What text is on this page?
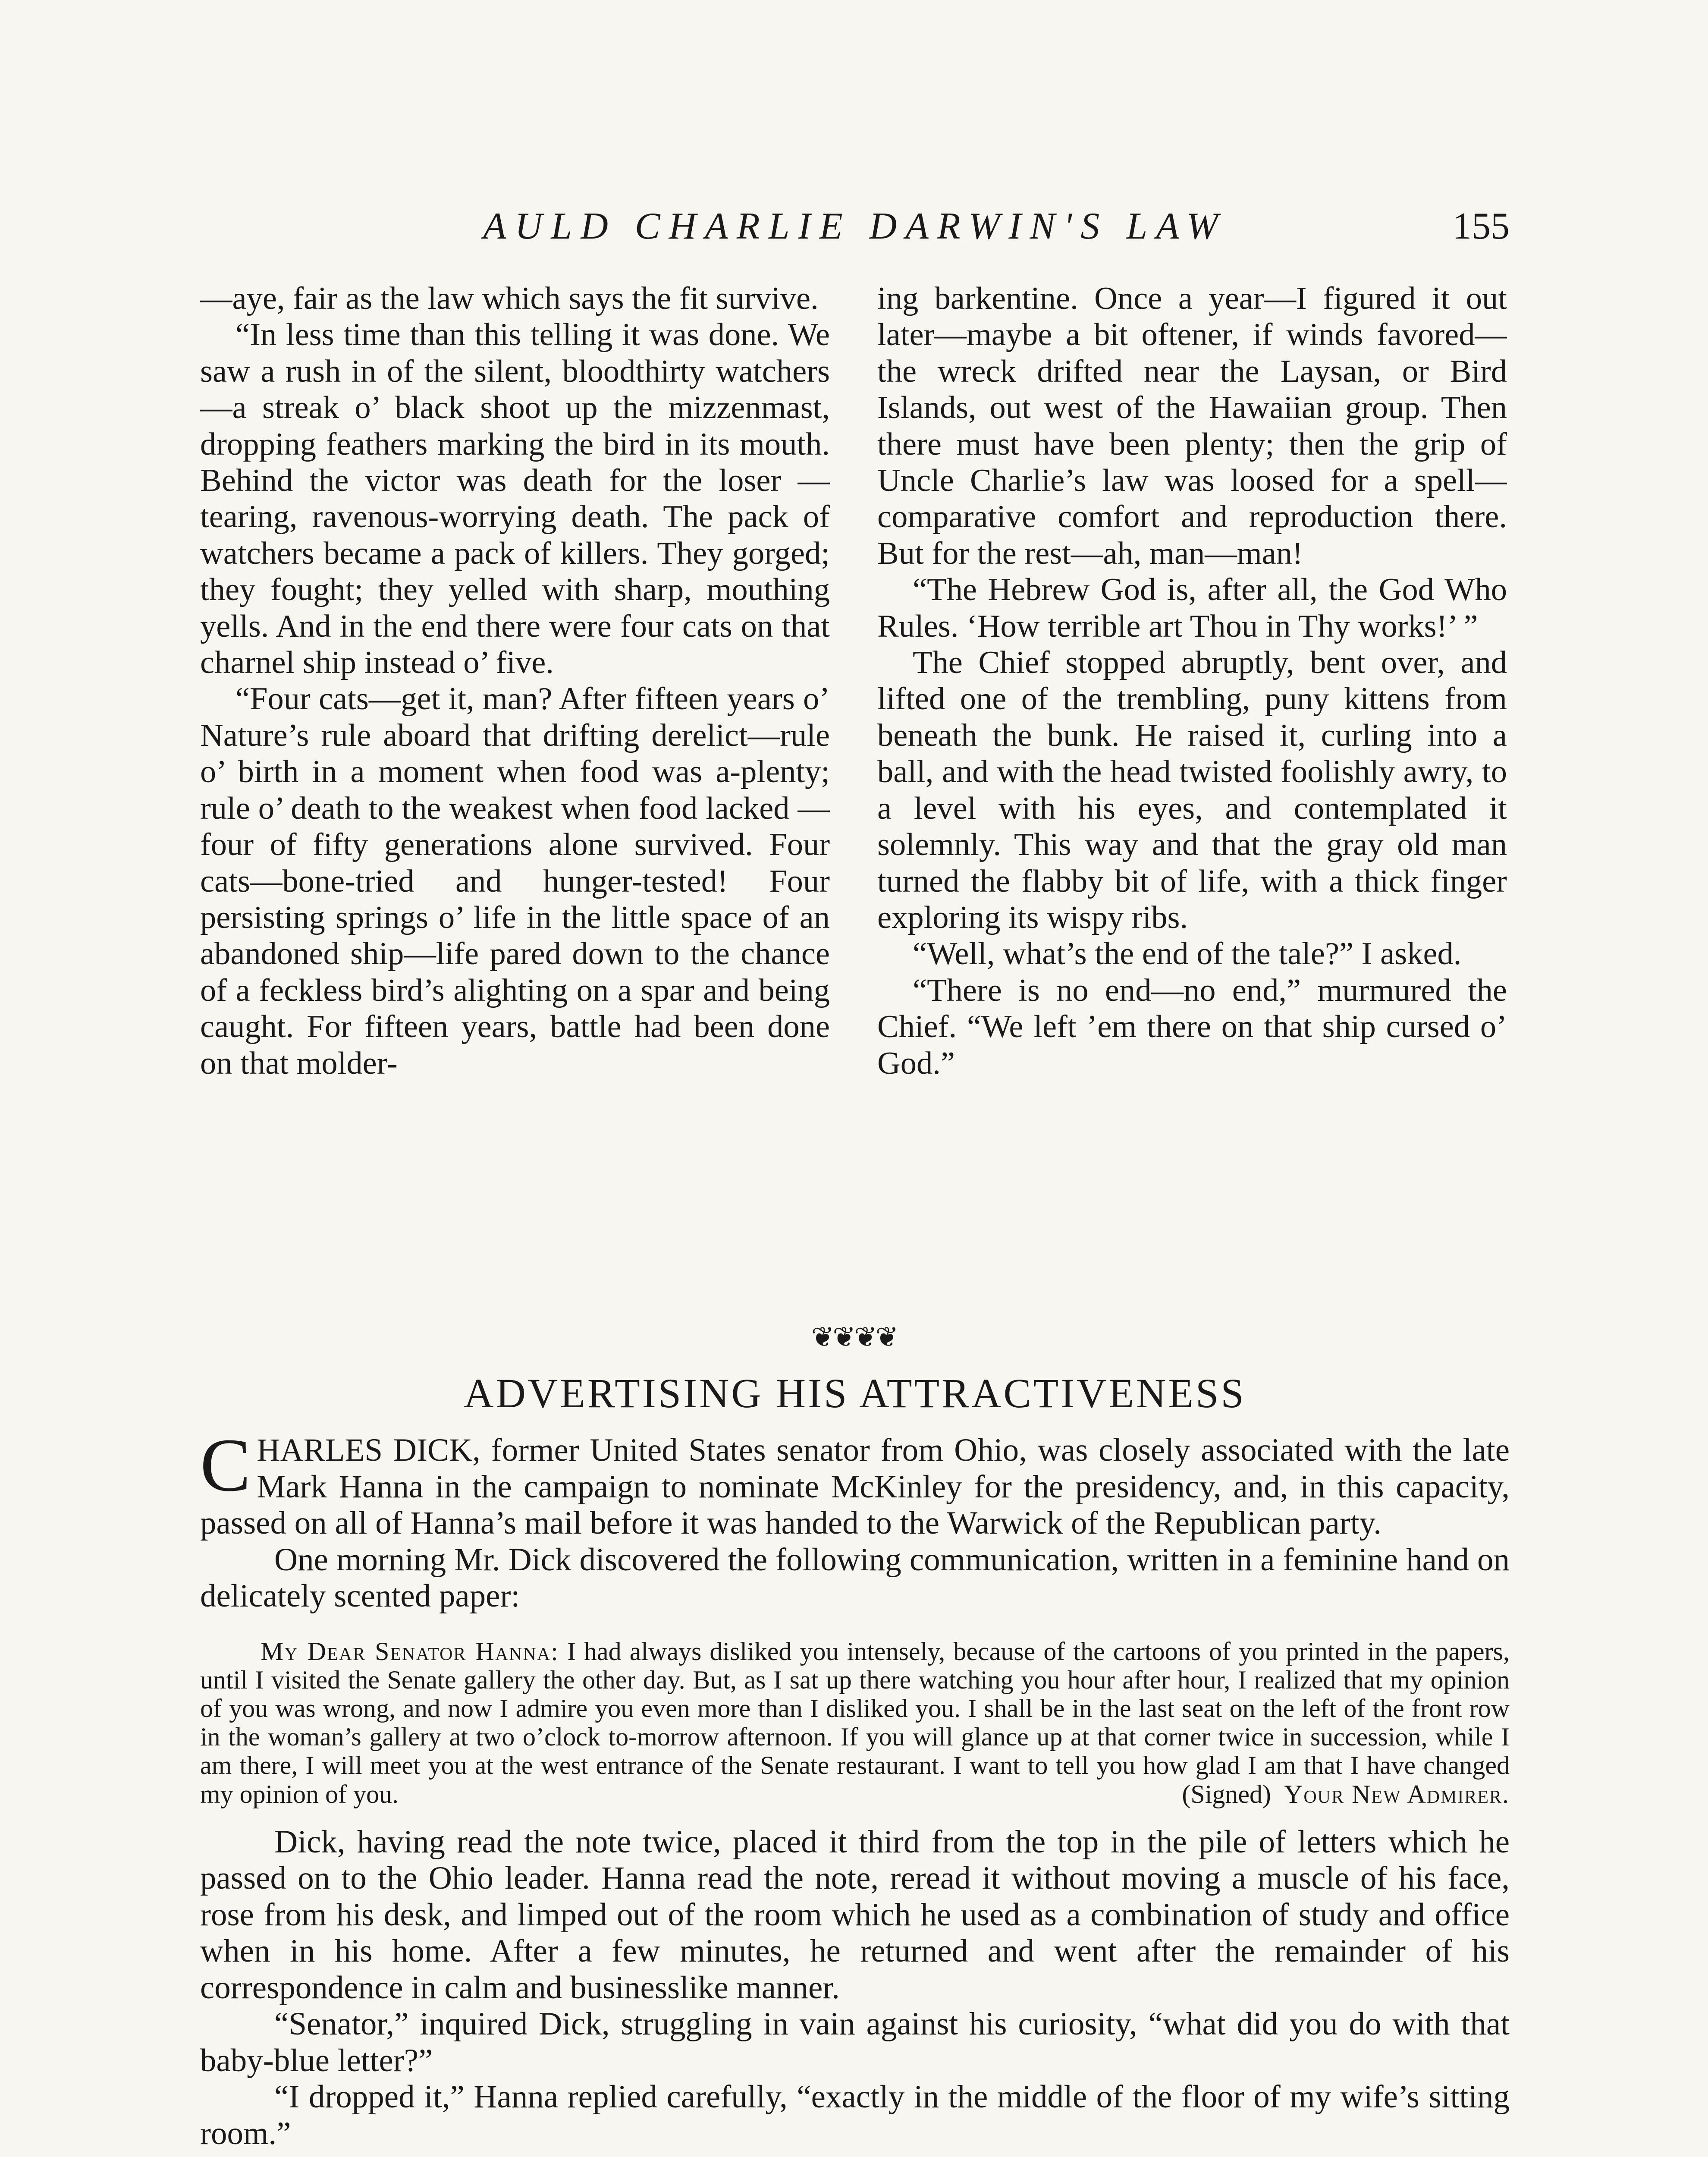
AULD CHARLIE DARWIN'S LAW	155

—aye, fair as the law which says the fit survive.

“In less time than this telling it was done. We saw a rush in of the silent, bloodthirty watchers—a streak o’ black shoot up the mizzenmast, dropping feathers marking the bird in its mouth. Behind the victor was death for the loser — tearing, ravenous-worrying death. The pack of watchers became a pack of killers. They gorged; they fought; they yelled with sharp, mouthing yells. And in the end there were four cats on that charnel ship instead o’ five.

“Four cats—get it, man? After fifteen years o’ Nature’s rule aboard that drifting derelict—rule o’ birth in a moment when food was a-plenty; rule o’ death to the weakest when food lacked —four of fifty generations alone survived. Four cats—bone-tried and hunger-tested! Four persisting springs o’ life in the little space of an abandoned ship—life pared down to the chance of a feckless bird’s alighting on a spar and being caught. For fifteen years, battle had been done on that molder-

ing barkentine. Once a year—I figured it out later—maybe a bit oftener, if winds favored—the wreck drifted near the Laysan, or Bird Islands, out west of the Hawaiian group. Then there must have been plenty; then the grip of Uncle Charlie’s law was loosed for a spell—comparative comfort and reproduction there. But for the rest—ah, man—man!

“The Hebrew God is, after all, the God Who Rules. ‘How terrible art Thou in Thy works!’ ”

The Chief stopped abruptly, bent over, and lifted one of the trembling, puny kittens from beneath the bunk. He raised it, curling into a ball, and with the head twisted foolishly awry, to a level with his eyes, and contemplated it solemnly. This way and that the gray old man turned the flabby bit of life, with a thick finger exploring its wispy ribs.

“Well, what’s the end of the tale?” I asked.

“There is no end—no end,” murmured the Chief. “We left ’em there on that ship cursed o’ God.”

❦❦❦❦
ADVERTISING HIS ATTRACTIVENESS

CHARLES DICK, former United States senator from Ohio, was closely associated with the late Mark Hanna in the campaign to nominate McKinley for the presidency, and, in this capacity, passed on all of Hanna’s mail before it was handed to the Warwick of the Republican party.

One morning Mr. Dick discovered the following communication, written in a feminine hand on delicately scented paper:

My Dear Senator Hanna: I had always disliked you intensely, because of the cartoons of you printed in the papers, until I visited the Senate gallery the other day. But, as I sat up there watching you hour after hour, I realized that my opinion of you was wrong, and now I admire you even more than I disliked you. I shall be in the last seat on the left of the front row in the woman’s gallery at two o’clock to-morrow afternoon. If you will glance up at that corner twice in succession, while I am there, I will meet you at the west entrance of the Senate restaurant. I want to tell you how glad I am that I have changed my opinion of you.	(Signed) Your New Admirer.

Dick, having read the note twice, placed it third from the top in the pile of letters which he passed on to the Ohio leader. Hanna read the note, reread it without moving a muscle of his face, rose from his desk, and limped out of the room which he used as a combination of study and office when in his home. After a few minutes, he returned and went after the remainder of his correspondence in calm and businesslike manner.

“Senator,” inquired Dick, struggling in vain against his curiosity, “what did you do with that baby-blue letter?”

“I dropped it,” Hanna replied carefully, “exactly in the middle of the floor of my wife’s sitting room.”
